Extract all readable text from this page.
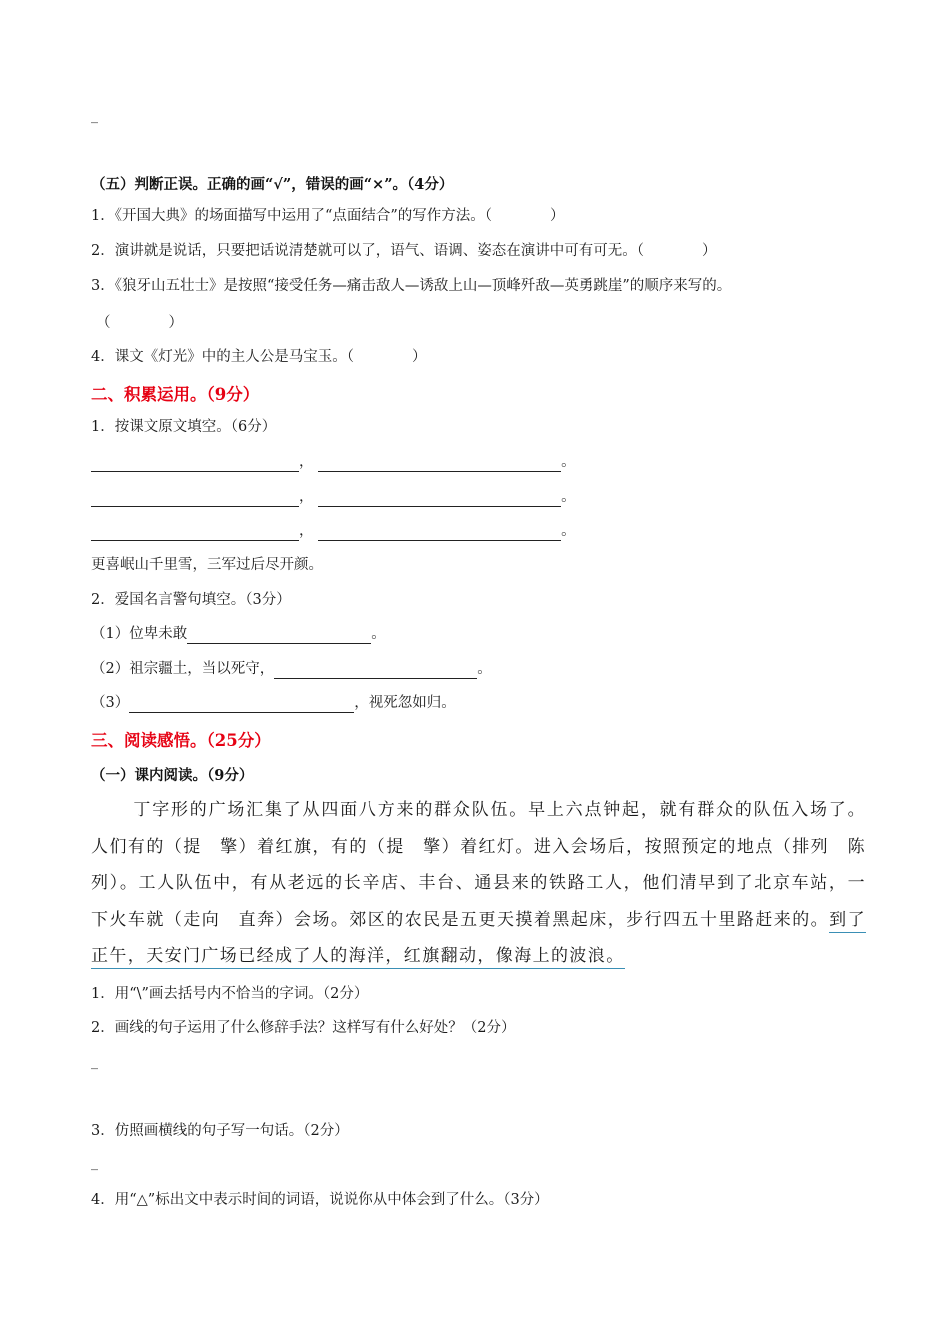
_
（五）判断正误。正确的画“√”，错误的画“×”。（4分）
1．《开国大典》的场面描写中运用了“点面结合”的写作方法。（　　　　）
2．演讲就是说话，只要把话说清楚就可以了，语气、语调、姿态在演讲中可有可无。（　　　　）
3．《狼牙山五壮士》是按照“接受任务—痛击敌人—诱敌上山—顶峰歼敌—英勇跳崖”的顺序来写的。
（　　　　）
4．课文《灯光》中的主人公是马宝玉。（　　　　）
二、积累运用。（9分）
1．按课文原文填空。（6分）
，	。
，	。
，	。
更喜岷山千里雪，三军过后尽开颜。
2．爱国名言警句填空。（3分）
（1）位卑未敢	。
（2）祖宗疆土，当以死守，	。
（3）	，视死忽如归。
三、阅读感悟。（25分）
（一）课内阅读。（9分）
丁字形的广场汇集了从四面八方来的群众队伍。早上六点钟起，就有群众的队伍入场了。人们有的（提　擎）着红旗，有的（提　擎）着红灯。进入会场后，按照预定的地点（排列　陈列）。工人队伍中，有从老远的长辛店、丰台、通县来的铁路工人，他们清早到了北京车站，一下火车就（走向　直奔）会场。郊区的农民是五更天摸着黑起床，步行四五十里路赶来的。到了正午，天安门广场已经成了人的海洋，红旗翻动，像海上的波浪。
1．用“\”画去括号内不恰当的字词。（2分）
2．画线的句子运用了什么修辞手法？这样写有什么好处？（2分）
_
3．仿照画横线的句子写一句话。（2分）
_
4．用“△”标出文中表示时间的词语，说说你从中体会到了什么。（3分）
